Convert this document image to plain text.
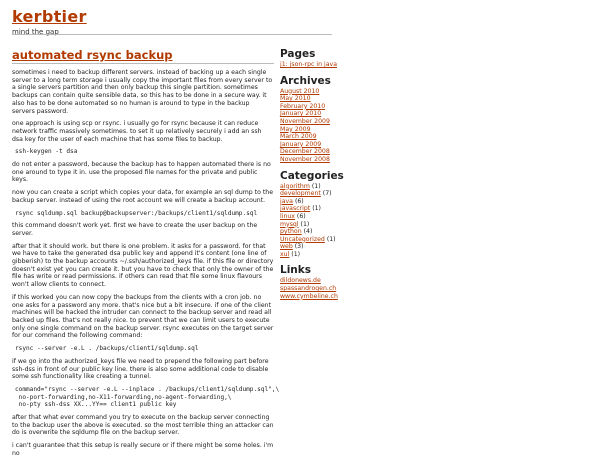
kerbtier
mind the gap
automated rsync backup

sometimes i need to backup different servers. instead of backing up a each single server to a long term storage i usually copy the important files from every server to a single servers partition and then only backup this single partition. sometimes backups can contain quite sensible data, so this has to be done in a secure way. it also has to be done automated so no human is around to type in the backup servers password.

one approach is using scp or rsync. i usually go for rsync because it can reduce network traffic massively sometimes. to set it up relatively securely i add an ssh dsa key for the user of each machine that has some files to backup.

ssh-keygen -t dsa

do not enter a password, because the backup has to happen automated there is no one around to type it in. use the proposed file names for the private and public keys.

now you can create a script which copies your data, for example an sql dump to the backup server. instead of using the root account we will create a backup account.

rsync sqldump.sql backup@backupserver:/backups/client1/sqldump.sql

this command doesn't work yet. first we have to create the user backup on the server.

after that it should work. but there is one problem. it asks for a password. for that we have to take the generated dsa public key and append it's content (one line of gibberish) to the backup accounts ~/.ssh/authorized_keys file. if this file or directory doesn't exist yet you can create it. but you have to check that only the owner of the file has write or read permissions. if others can read that file some linux flavours won't allow clients to connect.

if this worked you can now copy the backups from the clients with a cron job. no one asks for a password any more. that's nice but a bit insecure. if one of the client machines will be hacked the intruder can connect to the backup server and read all backed up files. that's not really nice. to prevent that we can limit users to execute only one single command on the backup server. rsync executes on the target server for our command the following command:

rsync --server -e.L . /backups/client1/sqldump.sql

if we go into the authorized_keys file we need to prepend the following part before ssh-dss in front of our public key line. there is also some additional code to disable some ssh functionality like creating a tunnel.

command="rsync --server -e.L --inplace . /backups/client1/sqldump.sql",\
no-port-forwarding,no-X11-forwarding,no-agent-forwarding,\
no-pty ssh-dss XX...YY== client1 public key

after that what ever command you try to execute on the backup server connecting to the backup user the above is executed. so the most terrible thing an attacker can do is overwrite the sqldump file on the backup server.

i can't guarantee that this setup is really secure or if there might be some holes. i'm no

Pages
j1: json-rpc in java
Archives
August 2010
May 2010
February 2010
January 2010
November 2009
May 2009
March 2009
January 2009
December 2008
November 2008
Categories
algorithm (1)
development (7)
java (6)
javascript (1)
linux (6)
mysql (1)
python (4)
Uncategorized (1)
web (3)
xul (1)
Links
dildonews.de
spassandrogen.ch
www.cymbeline.ch
